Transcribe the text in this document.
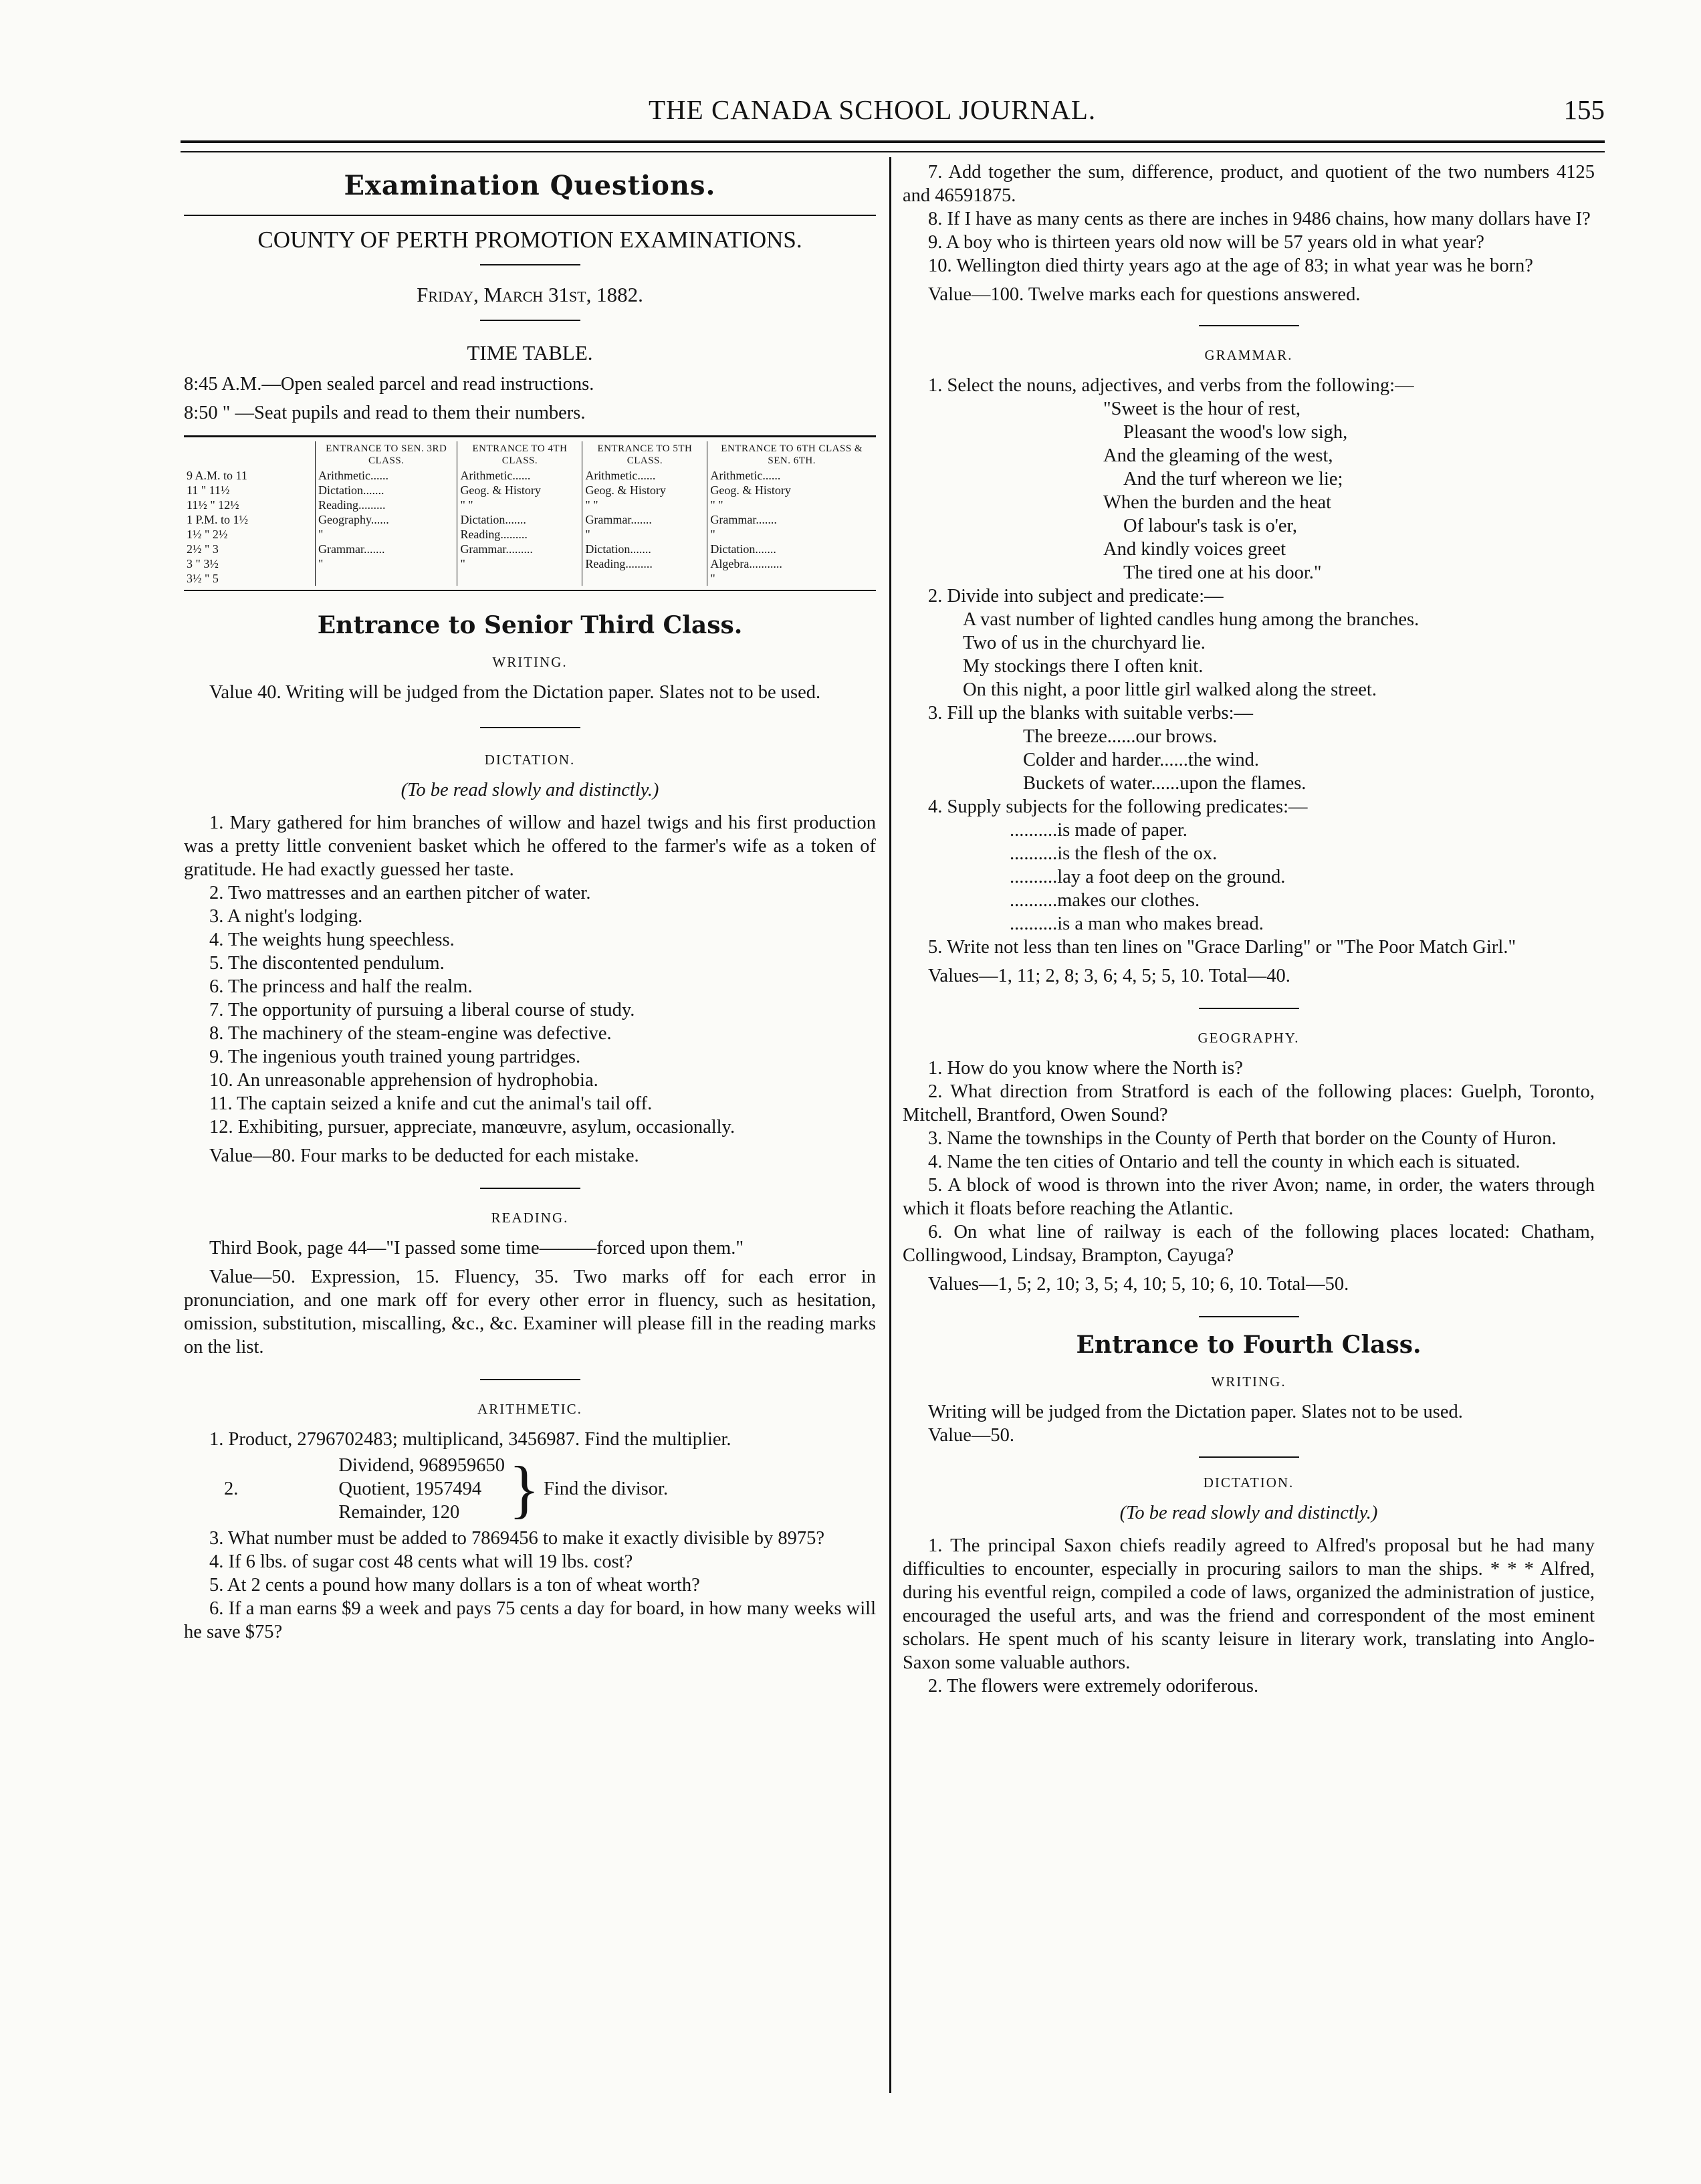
THE CANADA SCHOOL JOURNAL.	155

Examination Questions.

COUNTY OF PERTH PROMOTION EXAMINATIONS.

Friday, March 31st, 1882.

TIME TABLE.

8:45 A.M.—Open sealed parcel and read instructions.

8:50 " —Seat pupils and read to them their numbers.

	ENTRANCE TO SEN. 3RD CLASS.	ENTRANCE TO 4TH CLASS.	ENTRANCE TO 5TH CLASS.	ENTRANCE TO 6TH CLASS & SEN. 6TH.
9 A.M. to 11	Arithmetic......	Arithmetic......	Arithmetic......	Arithmetic......
11 " 11½	Dictation.......	Geog. & History	Geog. & History	Geog. & History
11½ " 12½	Reading.........	" "	" "	" "
1 P.M. to 1½	Geography......	Dictation.......	Grammar.......	Grammar.......
1½ " 2½	"	Reading.........	"	"
2½ " 3	Grammar.......	Grammar.........	Dictation.......	Dictation.......
3 " 3½	"	"	Reading.........	Algebra...........
3½ " 5				"

Entrance to Senior Third Class.

WRITING.

Value 40. Writing will be judged from the Dictation paper. Slates not to be used.

DICTATION.

(To be read slowly and distinctly.)

1. Mary gathered for him branches of willow and hazel twigs and his first production was a pretty little convenient basket which he offered to the farmer's wife as a token of gratitude. He had exactly guessed her taste.

2. Two mattresses and an earthen pitcher of water.

3. A night's lodging.

4. The weights hung speechless.

5. The discontented pendulum.

6. The princess and half the realm.

7. The opportunity of pursuing a liberal course of study.

8. The machinery of the steam-engine was defective.

9. The ingenious youth trained young partridges.

10. An unreasonable apprehension of hydrophobia.

11. The captain seized a knife and cut the animal's tail off.

12. Exhibiting, pursuer, appreciate, manœuvre, asylum, occasionally.

Value—80. Four marks to be deducted for each mistake.

READING.

Third Book, page 44—"I passed some time———forced upon them."

Value—50. Expression, 15. Fluency, 35. Two marks off for each error in pronunciation, and one mark off for every other error in fluency, such as hesitation, omission, substitution, miscalling, &c., &c. Examiner will please fill in the reading marks on the list.

ARITHMETIC.

1. Product, 2796702483; multiplicand, 3456987. Find the multiplier.

2.

Dividend, 968959650

Quotient, 1957494

Remainder, 120 } Find the divisor.

3. What number must be added to 7869456 to make it exactly divisible by 8975?

4. If 6 lbs. of sugar cost 48 cents what will 19 lbs. cost?

5. At 2 cents a pound how many dollars is a ton of wheat worth?

6. If a man earns $9 a week and pays 75 cents a day for board, in how many weeks will he save $75?

7. Add together the sum, difference, product, and quotient of the two numbers 4125 and 46591875.

8. If I have as many cents as there are inches in 9486 chains, how many dollars have I?

9. A boy who is thirteen years old now will be 57 years old in what year?

10. Wellington died thirty years ago at the age of 83; in what year was he born?

Value—100. Twelve marks each for questions answered.

GRAMMAR.

1. Select the nouns, adjectives, and verbs from the following:—

"Sweet is the hour of rest,

Pleasant the wood's low sigh,

And the gleaming of the west,

And the turf whereon we lie;

When the burden and the heat

Of labour's task is o'er,

And kindly voices greet

The tired one at his door."

2. Divide into subject and predicate:—

A vast number of lighted candles hung among the branches.

Two of us in the churchyard lie.

My stockings there I often knit.

On this night, a poor little girl walked along the street.

3. Fill up the blanks with suitable verbs:—

The breeze......our brows.

Colder and harder......the wind.

Buckets of water......upon the flames.

4. Supply subjects for the following predicates:—

..........is made of paper.

..........is the flesh of the ox.

..........lay a foot deep on the ground.

..........makes our clothes.

..........is a man who makes bread.

5. Write not less than ten lines on "Grace Darling" or "The Poor Match Girl."

Values—1, 11; 2, 8; 3, 6; 4, 5; 5, 10. Total—40.

GEOGRAPHY.

1. How do you know where the North is?

2. What direction from Stratford is each of the following places: Guelph, Toronto, Mitchell, Brantford, Owen Sound?

3. Name the townships in the County of Perth that border on the County of Huron.

4. Name the ten cities of Ontario and tell the county in which each is situated.

5. A block of wood is thrown into the river Avon; name, in order, the waters through which it floats before reaching the Atlantic.

6. On what line of railway is each of the following places located: Chatham, Collingwood, Lindsay, Brampton, Cayuga?

Values—1, 5; 2, 10; 3, 5; 4, 10; 5, 10; 6, 10. Total—50.

Entrance to Fourth Class.

WRITING.

Writing will be judged from the Dictation paper. Slates not to be used.

Value—50.

DICTATION.

(To be read slowly and distinctly.)

1. The principal Saxon chiefs readily agreed to Alfred's proposal but he had many difficulties to encounter, especially in procuring sailors to man the ships. * * * Alfred, during his eventful reign, compiled a code of laws, organized the administration of justice, encouraged the useful arts, and was the friend and correspondent of the most eminent scholars. He spent much of his scanty leisure in literary work, translating into Anglo-Saxon some valuable authors.

2. The flowers were extremely odoriferous.
